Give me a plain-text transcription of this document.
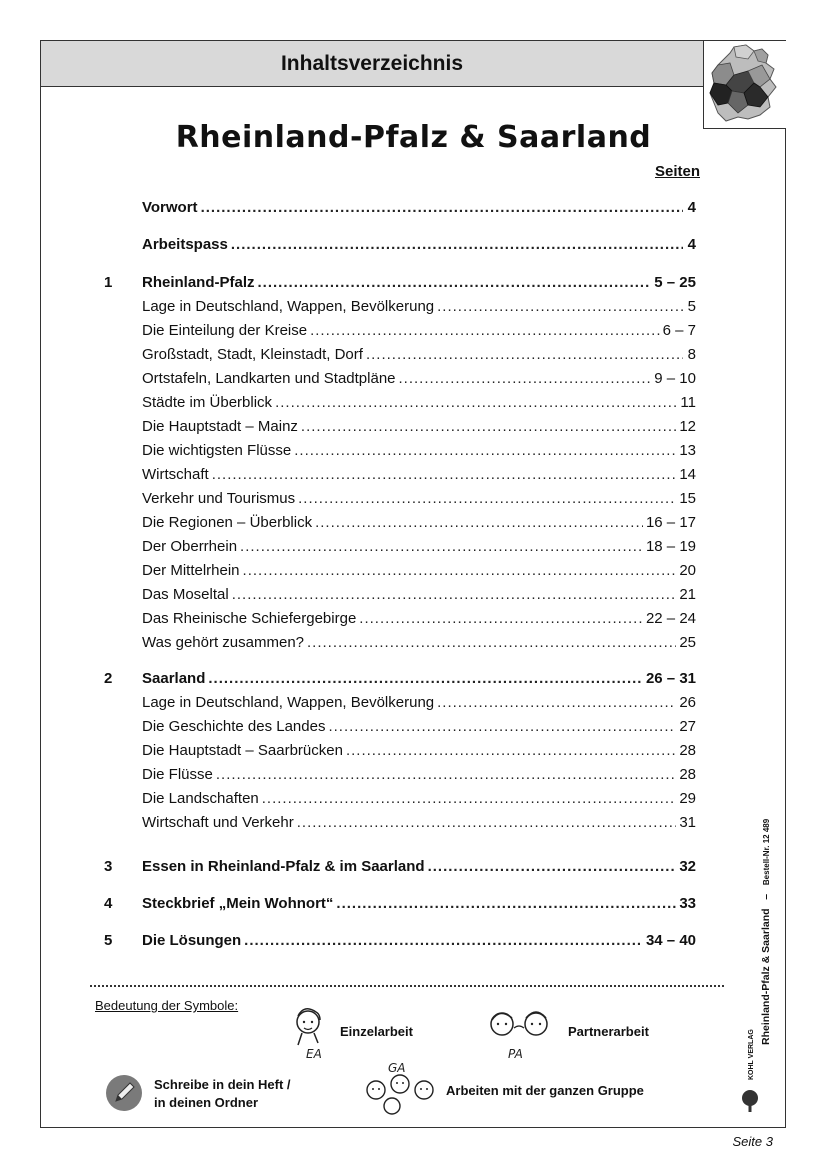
Inhaltsverzeichnis
Rheinland-Pfalz & Saarland
Seiten
Vorwort .....	4
Arbeitspass .....	4
1	Rheinland-Pfalz .....	5 – 25
Lage in Deutschland, Wappen, Bevölkerung .....	5
Die Einteilung der Kreise .....	6 – 7
Großstadt, Stadt, Kleinstadt, Dorf .....	8
Ortstafeln, Landkarten und Stadtpläne .....	9 – 10
Städte im Überblick .....	11
Die Hauptstadt – Mainz .....	12
Die wichtigsten Flüsse .....	13
Wirtschaft .....	14
Verkehr und Tourismus .....	15
Die Regionen – Überblick .....	16 – 17
Der Oberrhein .....	18 – 19
Der Mittelrhein .....	20
Das Moseltal .....	21
Das Rheinische Schiefergebirge .....	22 – 24
Was gehört zusammen? .....	25
2	Saarland .....	26 – 31
Lage in Deutschland, Wappen, Bevölkerung .....	26
Die Geschichte des Landes .....	27
Die Hauptstadt – Saarbrücken .....	28
Die Flüsse .....	28
Die Landschaften .....	29
Wirtschaft und Verkehr .....	31
3	Essen in Rheinland-Pfalz & im Saarland .....	32
4	Steckbrief „Mein Wohnort“ .....	33
5	Die Lösungen .....	34 – 40
Bedeutung der Symbole:
EA
Einzelarbeit
PA
Partnerarbeit
Schreibe in dein Heft /
in deinen Ordner
GA
Arbeiten mit der ganzen Gruppe
Rheinland-Pfalz & Saarland   –   Bestell-Nr. 12 489
KOHL VERLAG
Seite 3
